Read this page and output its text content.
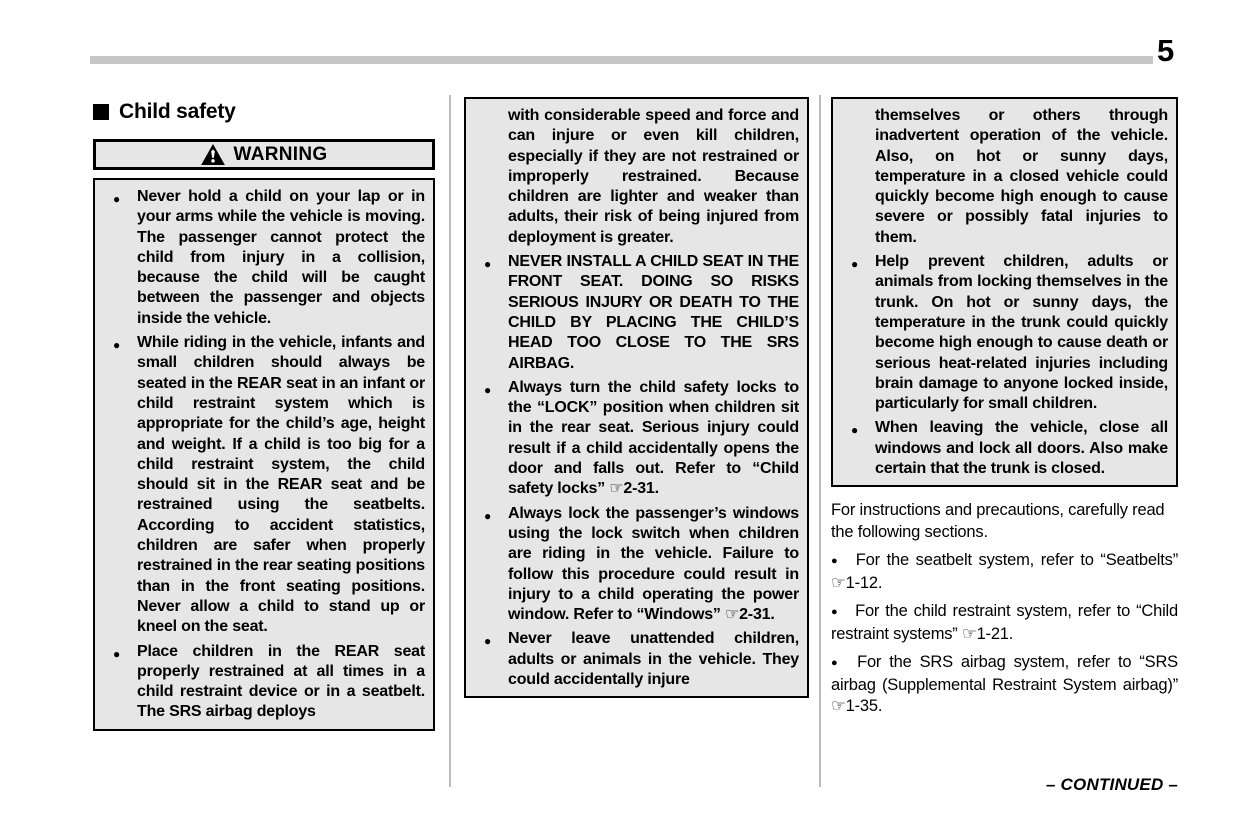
5
Child safety
WARNING

● Never hold a child on your lap or in your arms while the vehicle is moving. The passenger cannot protect the child from injury in a collision, because the child will be caught between the passenger and objects inside the vehicle.

● While riding in the vehicle, infants and small children should always be seated in the REAR seat in an infant or child restraint system which is appropriate for the child’s age, height and weight. If a child is too big for a child restraint system, the child should sit in the REAR seat and be restrained using the seatbelts. According to accident statistics, children are safer when properly restrained in the rear seating positions than in the front seating positions. Never allow a child to stand up or kneel on the seat.

● Place children in the REAR seat properly restrained at all times in a child restraint device or in a seatbelt. The SRS airbag deploys

with considerable speed and force and can injure or even kill children, especially if they are not restrained or improperly restrained. Because children are lighter and weaker than adults, their risk of being injured from deployment is greater.

● NEVER INSTALL A CHILD SEAT IN THE FRONT SEAT. DOING SO RISKS SERIOUS INJURY OR DEATH TO THE CHILD BY PLACING THE CHILD’S HEAD TOO CLOSE TO THE SRS AIRBAG.

● Always turn the child safety locks to the “LOCK” position when children sit in the rear seat. Serious injury could result if a child accidentally opens the door and falls out. Refer to “Child safety locks” ☞2-31.

● Always lock the passenger’s windows using the lock switch when children are riding in the vehicle. Failure to follow this procedure could result in injury to a child operating the power window. Refer to “Windows” ☞2-31.

● Never leave unattended children, adults or animals in the vehicle. They could accidentally injure

themselves or others through inadvertent operation of the vehicle. Also, on hot or sunny days, temperature in a closed vehicle could quickly become high enough to cause severe or possibly fatal injuries to them.

● Help prevent children, adults or animals from locking themselves in the trunk. On hot or sunny days, the temperature in the trunk could quickly become high enough to cause death or serious heat-related injuries including brain damage to anyone locked inside, particularly for small children.

● When leaving the vehicle, close all windows and lock all doors. Also make certain that the trunk is closed.

For instructions and precautions, carefully read the following sections.

● For the seatbelt system, refer to “Seatbelts” ☞1-12.

● For the child restraint system, refer to “Child restraint systems” ☞1-21.

● For the SRS airbag system, refer to “SRS airbag (Supplemental Restraint System airbag)” ☞1-35.

– CONTINUED –
